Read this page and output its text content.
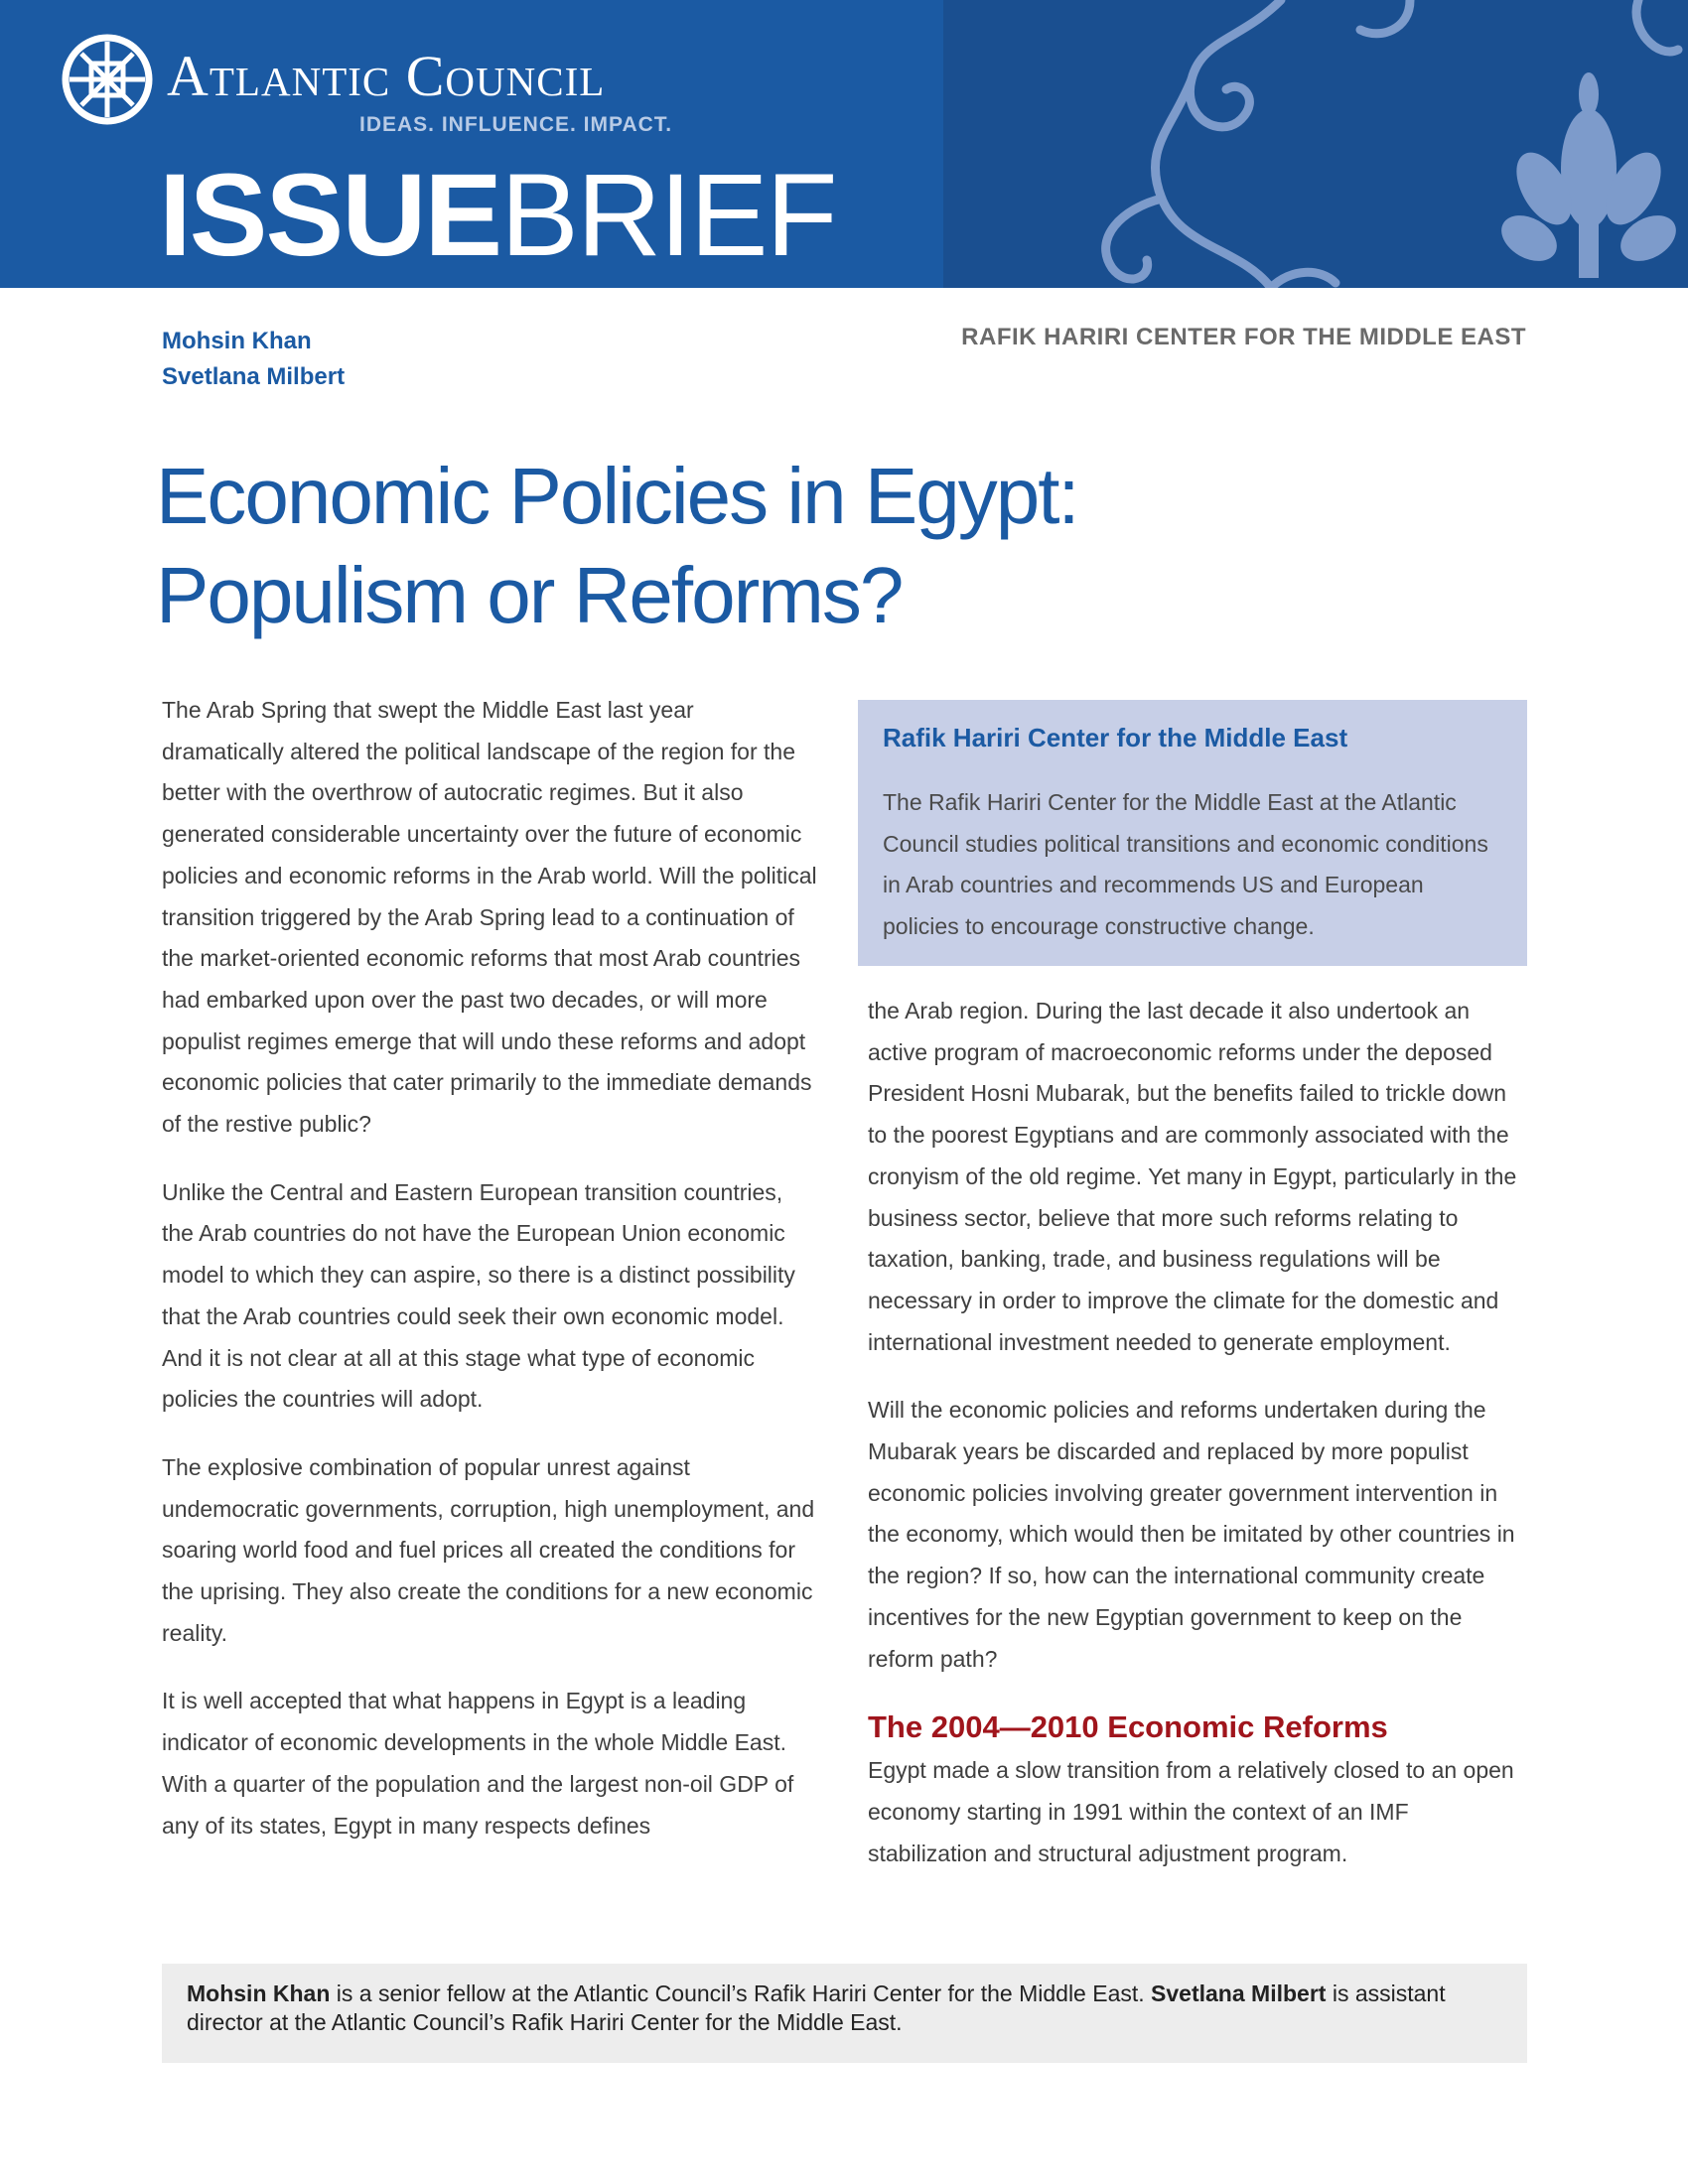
Atlantic Council
IDEAS. INFLUENCE. IMPACT.
ISSUEBRIEF
Mohsin Khan
Svetlana Milbert
RAFIK HARIRI CENTER FOR THE MIDDLE EAST
Economic Policies in Egypt:
Populism or Reforms?

The Arab Spring that swept the Middle East last year dramatically altered the political landscape of the region for the better with the overthrow of autocratic regimes. But it also generated considerable uncertainty over the future of economic policies and economic reforms in the Arab world. Will the political transition triggered by the Arab Spring lead to a continuation of the market-oriented economic reforms that most Arab countries had embarked upon over the past two decades, or will more populist regimes emerge that will undo these reforms and adopt economic policies that cater primarily to the immediate demands of the restive public?

Unlike the Central and Eastern European transition countries, the Arab countries do not have the European Union economic model to which they can aspire, so there is a distinct possibility that the Arab countries could seek their own economic model. And it is not clear at all at this stage what type of economic policies the countries will adopt.

The explosive combination of popular unrest against undemocratic governments, corruption, high unemployment, and soaring world food and fuel prices all created the conditions for the uprising. They also create the conditions for a new economic reality.

It is well accepted that what happens in Egypt is a leading indicator of economic developments in the whole Middle East. With a quarter of the population and the largest non-oil GDP of any of its states, Egypt in many respects defines

Rafik Hariri Center for the Middle East

The Rafik Hariri Center for the Middle East at the Atlantic Council studies political transitions and economic conditions in Arab countries and recommends US and European policies to encourage constructive change.

the Arab region. During the last decade it also undertook an active program of macroeconomic reforms under the deposed President Hosni Mubarak, but the benefits failed to trickle down to the poorest Egyptians and are commonly associated with the cronyism of the old regime. Yet many in Egypt, particularly in the business sector, believe that more such reforms relating to taxation, banking, trade, and business regulations will be necessary in order to improve the climate for the domestic and international investment needed to generate employment.

Will the economic policies and reforms undertaken during the Mubarak years be discarded and replaced by more populist economic policies involving greater government intervention in the economy, which would then be imitated by other countries in the region? If so, how can the international community create incentives for the new Egyptian government to keep on the reform path?

The 2004—2010 Economic Reforms

Egypt made a slow transition from a relatively closed to an open economy starting in 1991 within the context of an IMF stabilization and structural adjustment program.

Mohsin Khan is a senior fellow at the Atlantic Council’s Rafik Hariri Center for the Middle East. Svetlana Milbert is assistant director at the Atlantic Council’s Rafik Hariri Center for the Middle East.
